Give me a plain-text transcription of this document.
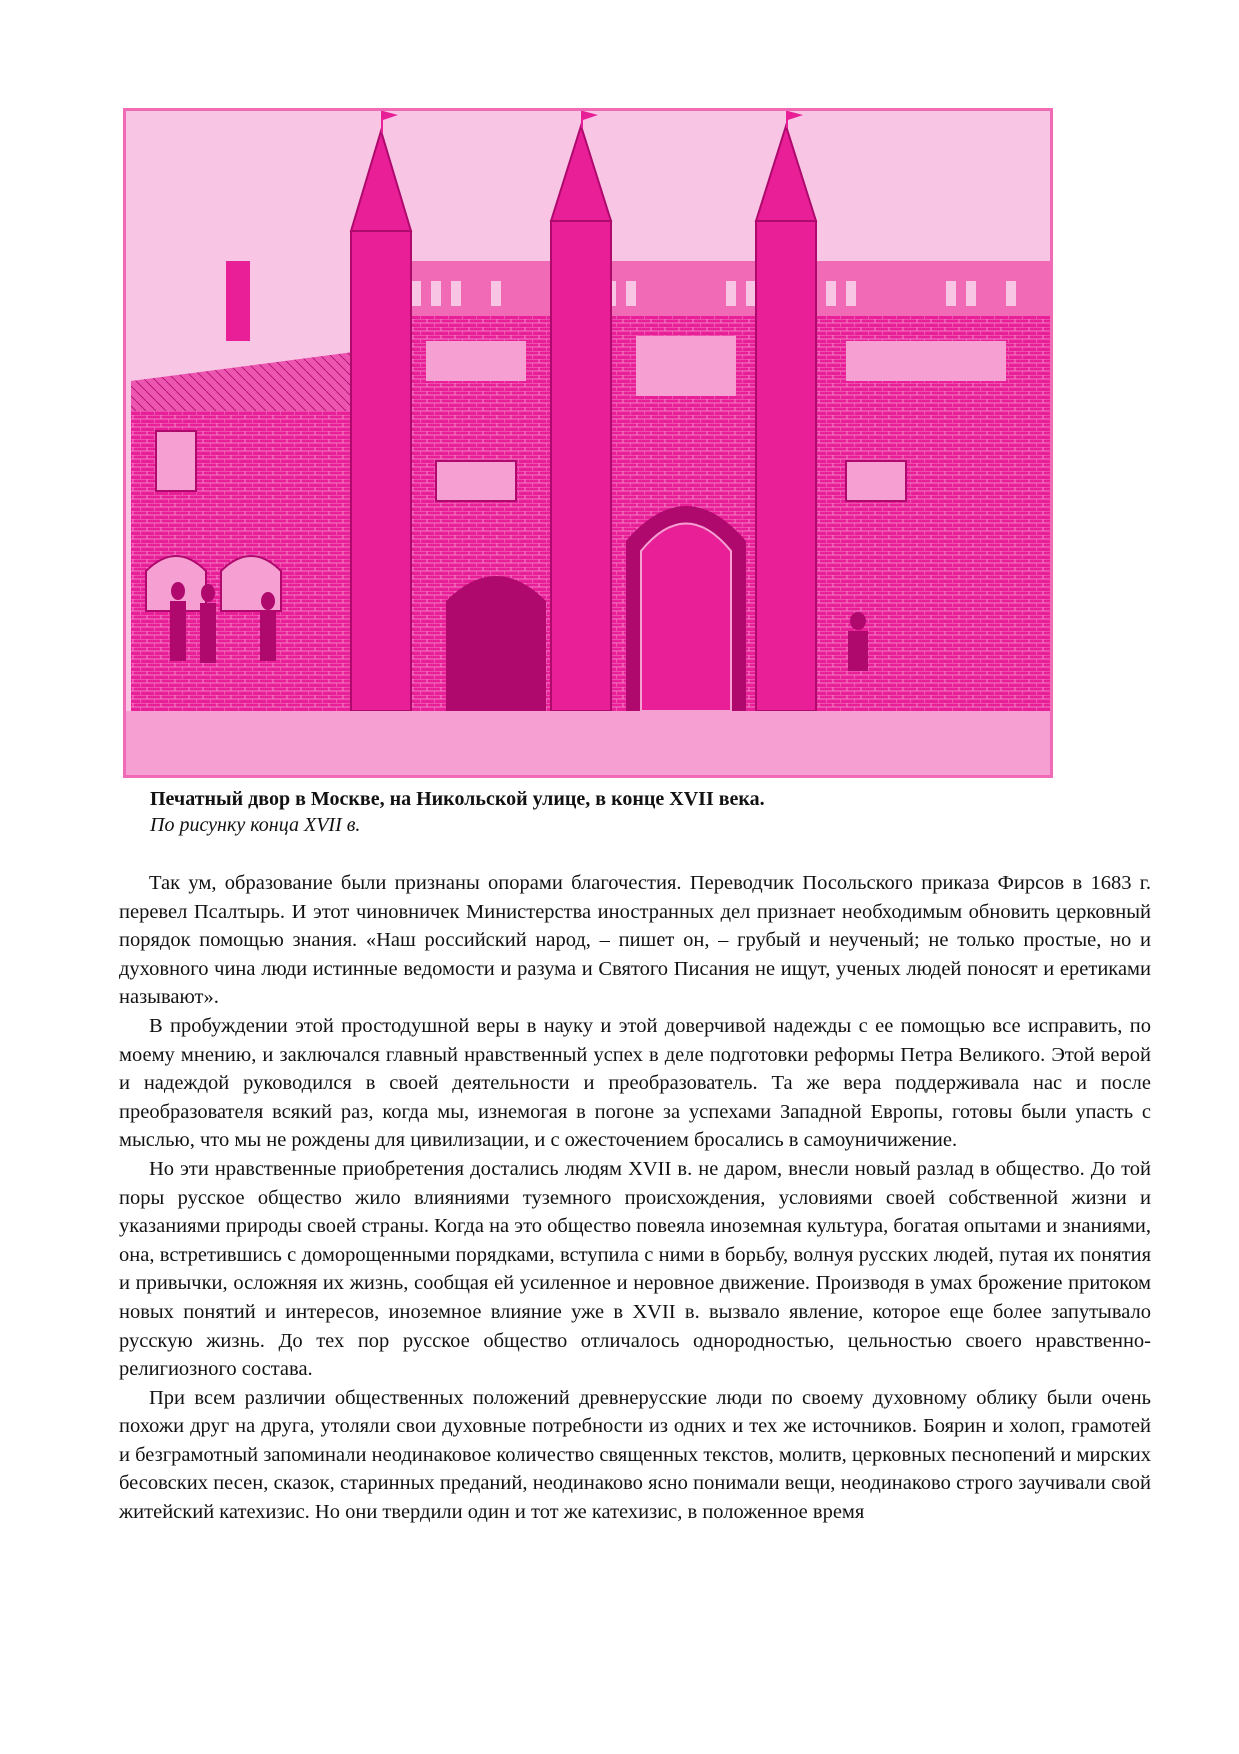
Печатный двор в Москве, на Никольской улице, в конце XVII века.
По рисунку конца XVII в.

Так ум, образование были признаны опорами благочестия. Переводчик Посольского приказа Фирсов в 1683 г. перевел Псалтырь. И этот чиновничек Министерства иностранных дел признает необходимым обновить церковный порядок помощью знания. «Наш российский народ, – пишет он, – грубый и неученый; не только простые, но и духовного чина люди истинные ведомости и разума и Святого Писания не ищут, ученых людей поносят и еретиками называют».

В пробуждении этой простодушной веры в науку и этой доверчивой надежды с ее помощью все исправить, по моему мнению, и заключался главный нравственный успех в деле подготовки реформы Петра Великого. Этой верой и надеждой руководился в своей деятельности и преобразователь. Та же вера поддерживала нас и после преобразователя всякий раз, когда мы, изнемогая в погоне за успехами Западной Европы, готовы были упасть с мыслью, что мы не рождены для цивилизации, и с ожесточением бросались в самоуничижение.

Но эти нравственные приобретения достались людям XVII в. не даром, внесли новый разлад в общество. До той поры русское общество жило влияниями туземного происхождения, условиями своей собственной жизни и указаниями природы своей страны. Когда на это общество повеяла иноземная культура, богатая опытами и знаниями, она, встретившись с доморощенными порядками, вступила с ними в борьбу, волнуя русских людей, путая их понятия и привычки, осложняя их жизнь, сообщая ей усиленное и неровное движение. Производя в умах брожение притоком новых понятий и интересов, иноземное влияние уже в XVII в. вызвало явление, которое еще более запутывало русскую жизнь. До тех пор русское общество отличалось однородностью, цельностью своего нравственно-религиозного состава.

При всем различии общественных положений древнерусские люди по своему духовному облику были очень похожи друг на друга, утоляли свои духовные потребности из одних и тех же источников. Боярин и холоп, грамотей и безграмотный запоминали неодинаковое количество священных текстов, молитв, церковных песнопений и мирских бесовских песен, сказок, старинных преданий, неодинаково ясно понимали вещи, неодинаково строго заучивали свой житейский катехизис. Но они твердили один и тот же катехизис, в положенное время
